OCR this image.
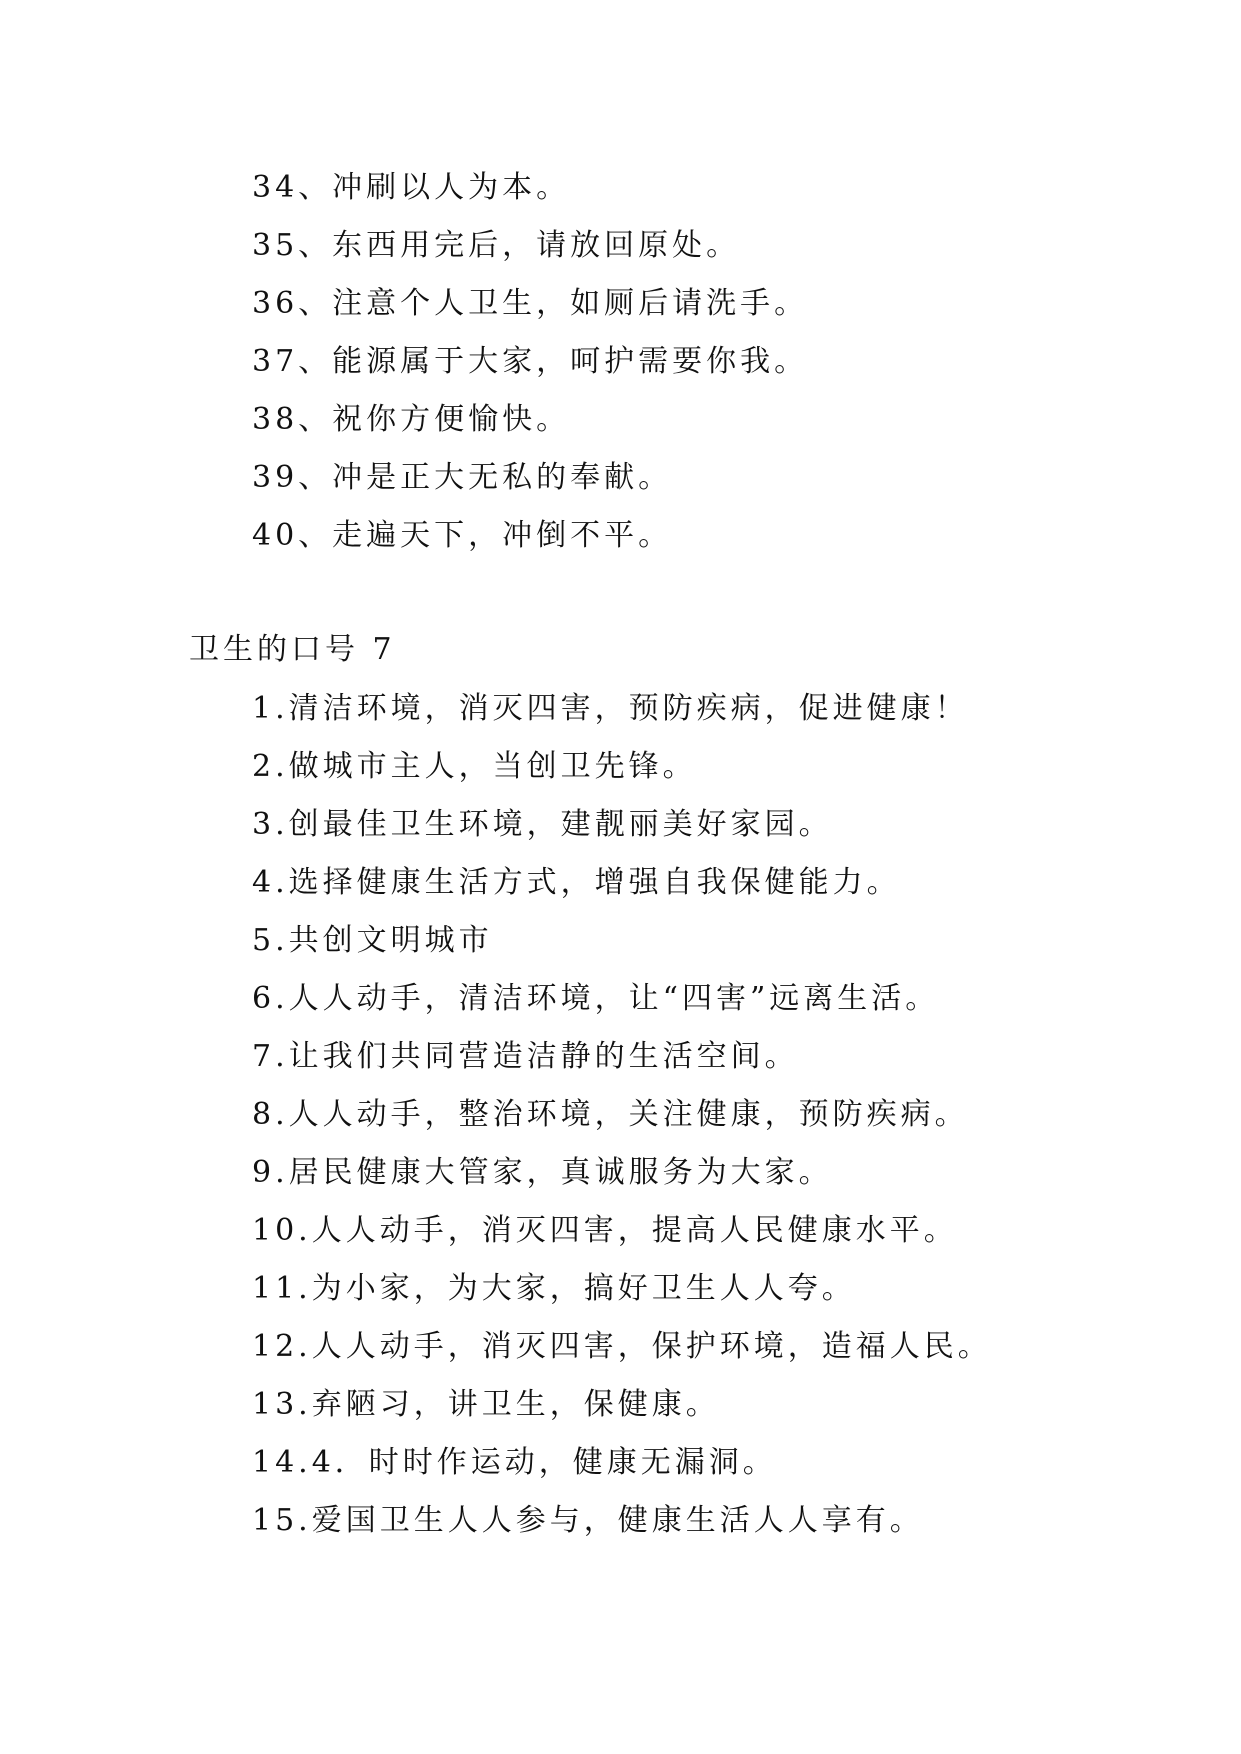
34、冲刷以人为本。
35、东西用完后，请放回原处。
36、注意个人卫生，如厕后请洗手。
37、能源属于大家，呵护需要你我。
38、祝你方便愉快。
39、冲是正大无私的奉献。
40、走遍天下，冲倒不平。
卫生的口号 7
1.清洁环境，消灭四害，预防疾病，促进健康！
2.做城市主人，当创卫先锋。
3.创最佳卫生环境，建靓丽美好家园。
4.选择健康生活方式，增强自我保健能力。
5.共创文明城市
6.人人动手，清洁环境，让“四害”远离生活。
7.让我们共同营造洁静的生活空间。
8.人人动手，整治环境，关注健康，预防疾病。
9.居民健康大管家，真诚服务为大家。
10.人人动手，消灭四害，提高人民健康水平。
11.为小家，为大家，搞好卫生人人夸。
12.人人动手，消灭四害，保护环境，造福人民。
13.弃陋习，讲卫生，保健康。
14.4．时时作运动，健康无漏洞。
15.爱国卫生人人参与，健康生活人人享有。
